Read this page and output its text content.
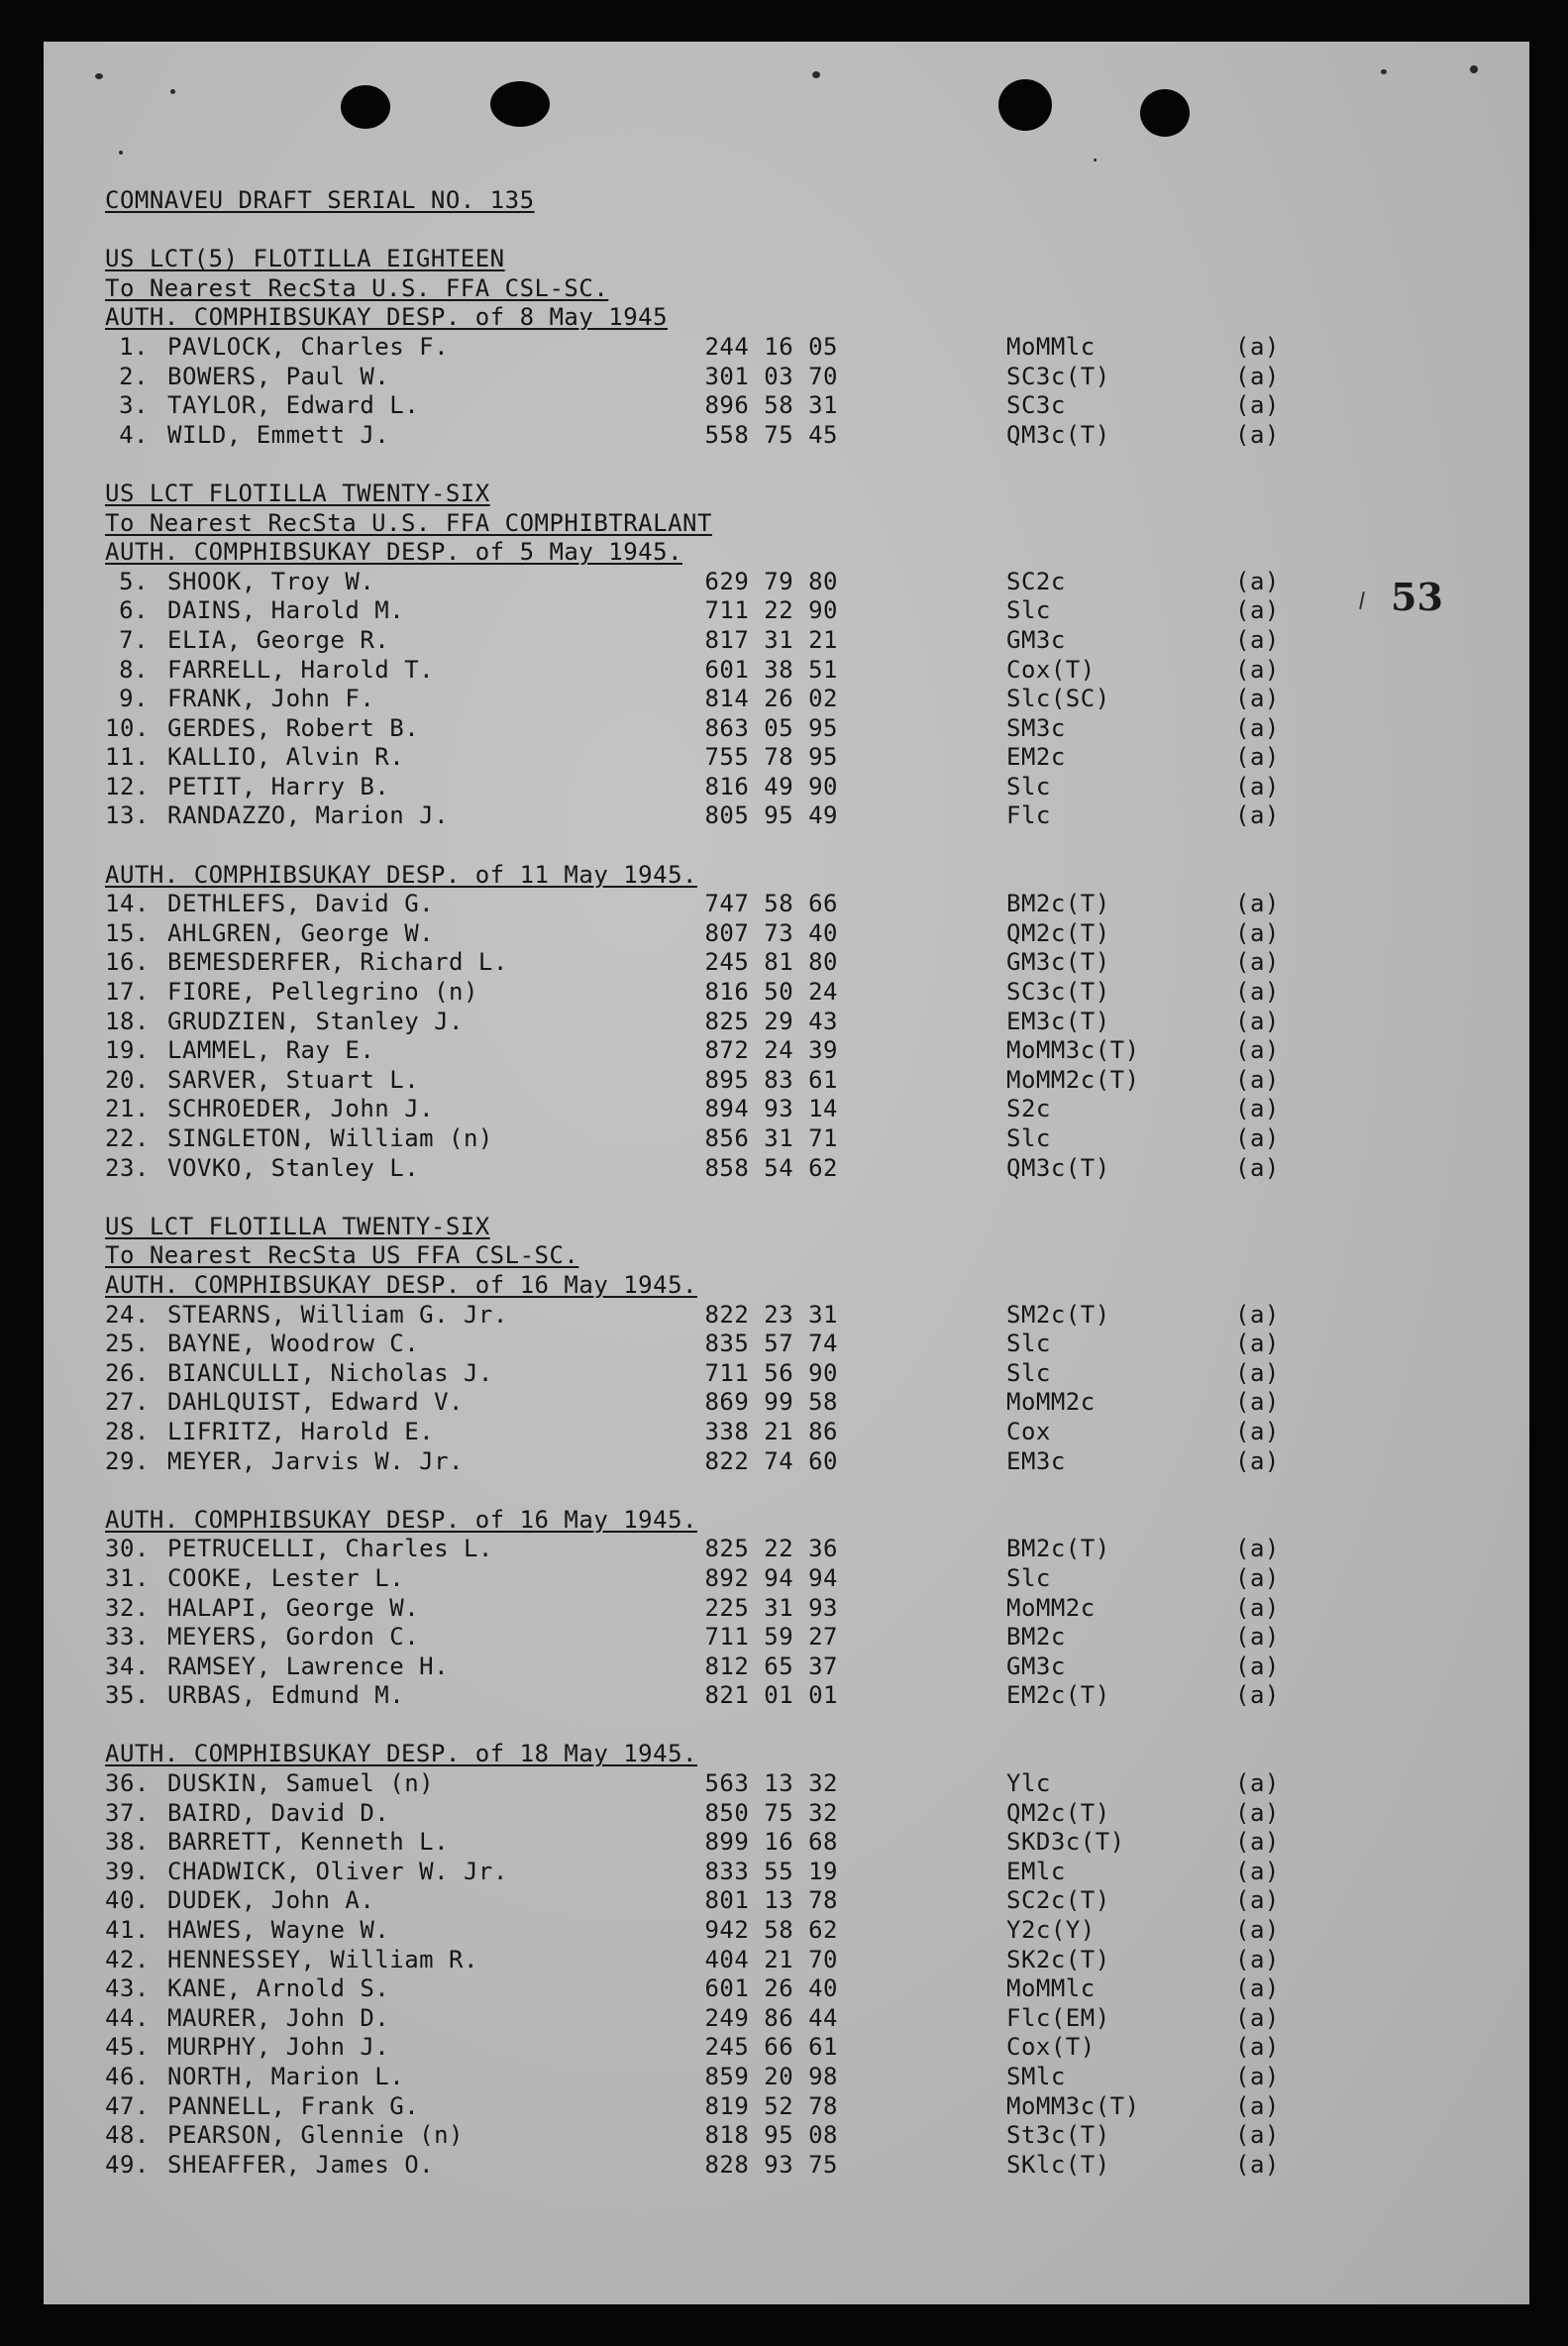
53
COMNAVEU DRAFT SERIAL NO. 135
US LCT(5) FLOTILLA EIGHTEEN
To Nearest RecSta U.S. FFA CSL-SC.
AUTH. COMPHIBSUKAY DESP. of 8 May 1945
1. PAVLOCK, Charles F.	244 16 05	MoMMlc	(a)
2. BOWERS, Paul W.	301 03 70	SC3c(T)	(a)
3. TAYLOR, Edward L.	896 58 31	SC3c	(a)
4. WILD, Emmett J.	558 75 45	QM3c(T)	(a)
US LCT FLOTILLA TWENTY-SIX
To Nearest RecSta U.S. FFA COMPHIBTRALANT
AUTH. COMPHIBSUKAY DESP. of 5 May 1945.
5. SHOOK, Troy W.	629 79 80	SC2c	(a)
6. DAINS, Harold M.	711 22 90	Slc	(a)
7. ELIA, George R.	817 31 21	GM3c	(a)
8. FARRELL, Harold T.	601 38 51	Cox(T)	(a)
9. FRANK, John F.	814 26 02	Slc(SC)	(a)
10. GERDES, Robert B.	863 05 95	SM3c	(a)
11. KALLIO, Alvin R.	755 78 95	EM2c	(a)
12. PETIT, Harry B.	816 49 90	Slc	(a)
13. RANDAZZO, Marion J.	805 95 49	Flc	(a)
AUTH. COMPHIBSUKAY DESP. of 11 May 1945.
14. DETHLEFS, David G.	747 58 66	BM2c(T)	(a)
15. AHLGREN, George W.	807 73 40	QM2c(T)	(a)
16. BEMESDERFER, Richard L.	245 81 80	GM3c(T)	(a)
17. FIORE, Pellegrino (n)	816 50 24	SC3c(T)	(a)
18. GRUDZIEN, Stanley J.	825 29 43	EM3c(T)	(a)
19. LAMMEL, Ray E.	872 24 39	MoMM3c(T)	(a)
20. SARVER, Stuart L.	895 83 61	MoMM2c(T)	(a)
21. SCHROEDER, John J.	894 93 14	S2c	(a)
22. SINGLETON, William (n)	856 31 71	Slc	(a)
23. VOVKO, Stanley L.	858 54 62	QM3c(T)	(a)
US LCT FLOTILLA TWENTY-SIX
To Nearest RecSta US FFA CSL-SC.
AUTH. COMPHIBSUKAY DESP. of 16 May 1945.
24. STEARNS, William G. Jr.	822 23 31	SM2c(T)	(a)
25. BAYNE, Woodrow C.	835 57 74	Slc	(a)
26. BIANCULLI, Nicholas J.	711 56 90	Slc	(a)
27. DAHLQUIST, Edward V.	869 99 58	MoMM2c	(a)
28. LIFRITZ, Harold E.	338 21 86	Cox	(a)
29. MEYER, Jarvis W. Jr.	822 74 60	EM3c	(a)
AUTH. COMPHIBSUKAY DESP. of 16 May 1945.
30. PETRUCELLI, Charles L.	825 22 36	BM2c(T)	(a)
31. COOKE, Lester L.	892 94 94	Slc	(a)
32. HALAPI, George W.	225 31 93	MoMM2c	(a)
33. MEYERS, Gordon C.	711 59 27	BM2c	(a)
34. RAMSEY, Lawrence H.	812 65 37	GM3c	(a)
35. URBAS, Edmund M.	821 01 01	EM2c(T)	(a)
AUTH. COMPHIBSUKAY DESP. of 18 May 1945.
36. DUSKIN, Samuel (n)	563 13 32	Ylc	(a)
37. BAIRD, David D.	850 75 32	QM2c(T)	(a)
38. BARRETT, Kenneth L.	899 16 68	SKD3c(T)	(a)
39. CHADWICK, Oliver W. Jr.	833 55 19	EMlc	(a)
40. DUDEK, John A.	801 13 78	SC2c(T)	(a)
41. HAWES, Wayne W.	942 58 62	Y2c(Y)	(a)
42. HENNESSEY, William R.	404 21 70	SK2c(T)	(a)
43. KANE, Arnold S.	601 26 40	MoMMlc	(a)
44. MAURER, John D.	249 86 44	Flc(EM)	(a)
45. MURPHY, John J.	245 66 61	Cox(T)	(a)
46. NORTH, Marion L.	859 20 98	SMlc	(a)
47. PANNELL, Frank G.	819 52 78	MoMM3c(T)	(a)
48. PEARSON, Glennie (n)	818 95 08	St3c(T)	(a)
49. SHEAFFER, James O.	828 93 75	SKlc(T)	(a)
